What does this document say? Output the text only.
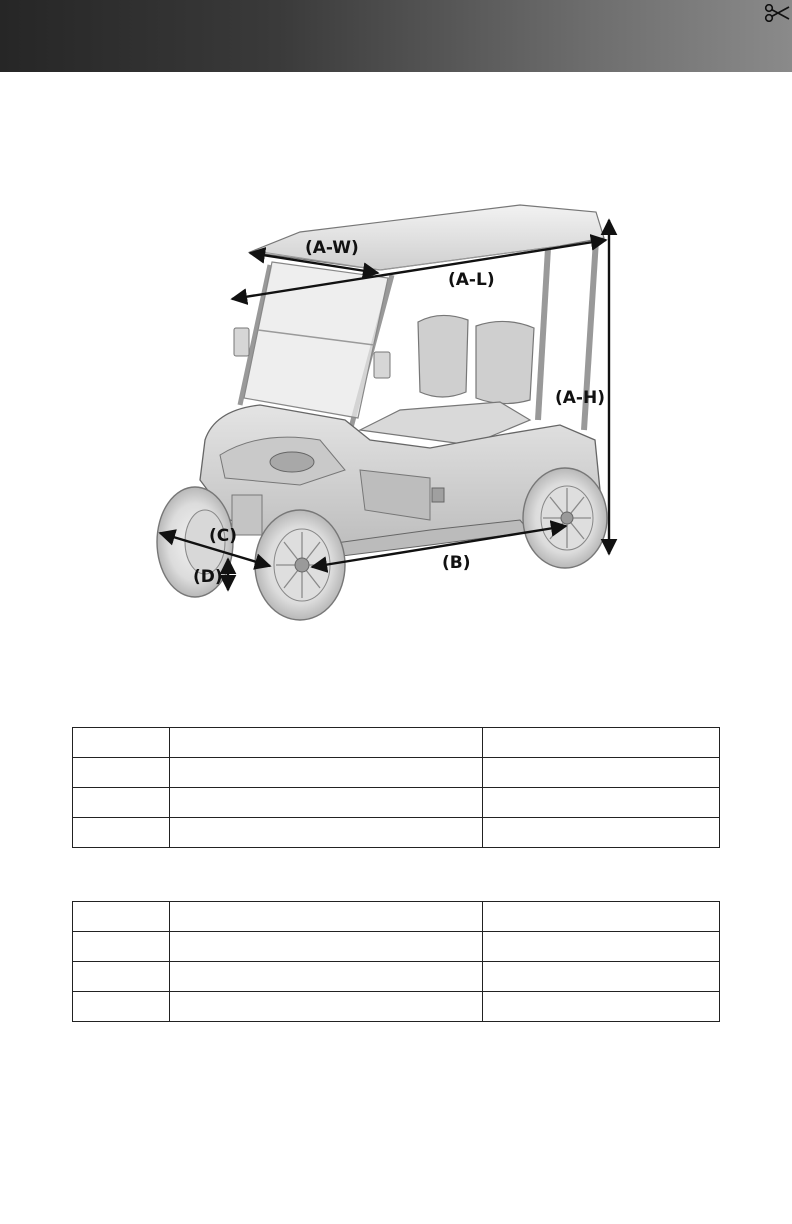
(A-W)
(A-L)
(A-H)
(B)
(C)
(D)
